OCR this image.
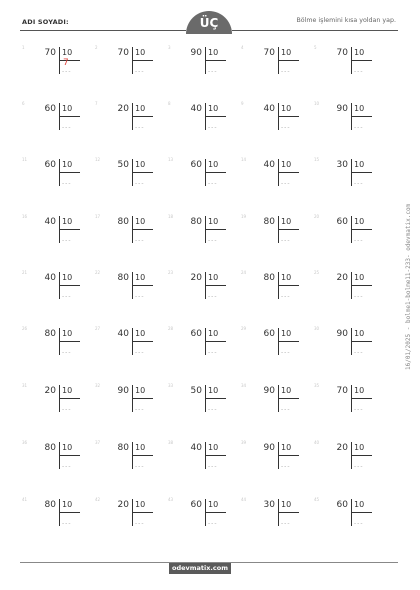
ADI SOYADI:	ÜÇ	Bölme işlemini kısa yoldan yap.
1
70 10
7
---
2
70 10
---
3
90 10
---
4
70 10
---
5
70 10
---
6
60 10
---
7
20 10
---
8
40 10
---
9
40 10
---
10
90 10
---
11
60 10
---
12
50 10
---
13
60 10
---
14
40 10
---
15
30 10
---
16
40 10
---
17
80 10
---
18
80 10
---
19
80 10
---
20
60 10
---
21
40 10
---
22
80 10
---
23
20 10
---
24
80 10
---
25
20 10
---
26
80 10
---
27
40 10
---
28
60 10
---
29
60 10
---
30
90 10
---
31
20 10
---
32
90 10
---
33
50 10
---
34
90 10
---
35
70 10
---
36
80 10
---
37
80 10
---
38
40 10
---
39
90 10
---
40
20 10
---
41
80 10
---
42
20 10
---
43
60 10
---
44
30 10
---
45
60 10
---
odevmatix.com
16/01/2025 - bolme1-bolme11-233- odevmatix.com
